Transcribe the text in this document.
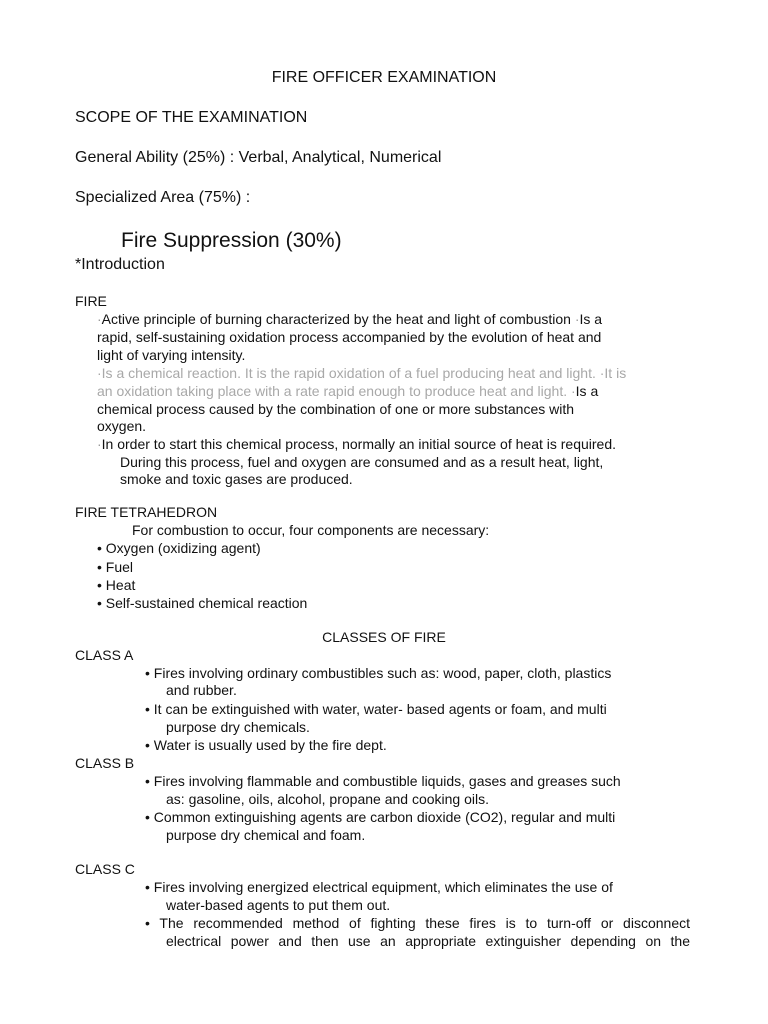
FIRE OFFICER EXAMINATION
SCOPE OF THE EXAMINATION
General Ability (25%) : Verbal, Analytical, Numerical
Specialized Area (75%) :
Fire Suppression (30%)
*Introduction
FIRE
·Active principle of burning characterized by the heat and light of combustion ·Is a
rapid, self-sustaining oxidation process accompanied by the evolution of heat and
light of varying intensity.
·Is a chemical reaction. It is the rapid oxidation of a fuel producing heat and light. ·It is
an oxidation taking place with a rate rapid enough to produce heat and light. ·Is a
chemical process caused by the combination of one or more substances with
oxygen.
·In order to start this chemical process, normally an initial source of heat is required.
During this process, fuel and oxygen are consumed and as a result heat, light,
smoke and toxic gases are produced.
FIRE TETRAHEDRON
For combustion to occur, four components are necessary:
• Oxygen (oxidizing agent)
• Fuel
• Heat
• Self-sustained chemical reaction
CLASSES OF FIRE
CLASS A
• Fires involving ordinary combustibles such as: wood, paper, cloth, plastics
and rubber.
• It can be extinguished with water, water- based agents or foam, and multi
purpose dry chemicals.
• Water is usually used by the fire dept.
CLASS B
• Fires involving flammable and combustible liquids, gases and greases such
as: gasoline, oils, alcohol, propane and cooking oils.
• Common extinguishing agents are carbon dioxide (CO2), regular and multi
purpose dry chemical and foam.
CLASS C
• Fires involving energized electrical equipment, which eliminates the use of
water-based agents to put them out.
• The recommended method of fighting these fires is to turn-off or disconnect
electrical power and then use an appropriate extinguisher depending on the
